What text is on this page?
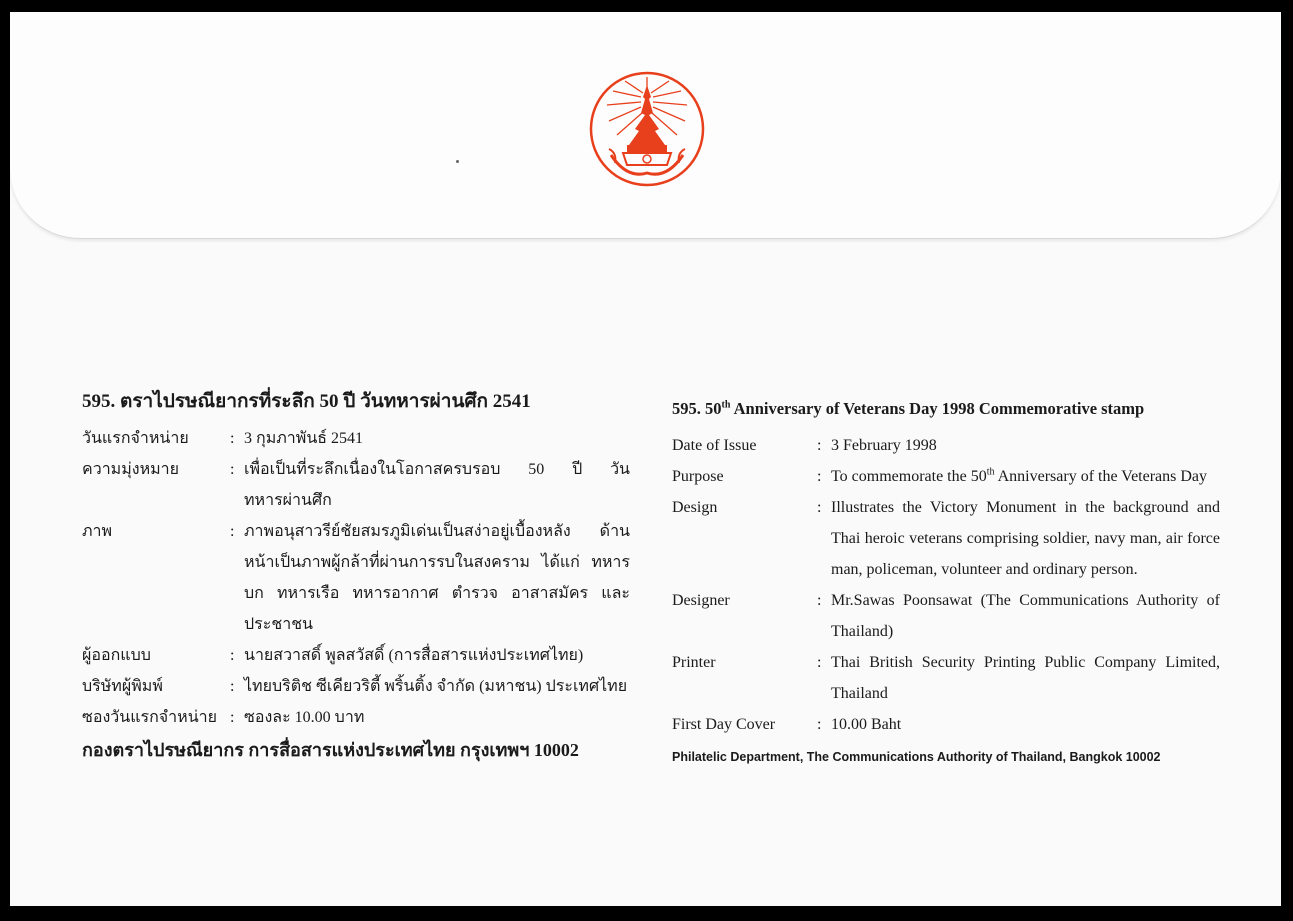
595. ตราไปรษณียากรที่ระลึก 50 ปี วันทหารผ่านศึก 2541
วันแรกจำหน่าย	: 3 กุมภาพันธ์ 2541
ความมุ่งหมาย	: เพื่อเป็นที่ระลึกเนื่องในโอกาสครบรอบ 50 ปี วันทหารผ่านศึก
ภาพ	: ภาพอนุสาวรีย์ชัยสมรภูมิเด่นเป็นสง่าอยู่เบื้องหลัง ด้านหน้าเป็นภาพผู้กล้าที่ผ่านการรบในสงคราม ได้แก่ ทหารบก ทหารเรือ ทหารอากาศ ตำรวจ อาสาสมัคร และประชาชน
ผู้ออกแบบ	: นายสวาสดิ์ พูลสวัสดิ์ (การสื่อสารแห่งประเทศไทย)
บริษัทผู้พิมพ์	: ไทยบริติช ซีเคียวริตี้ พริ้นติ้ง จำกัด (มหาชน) ประเทศไทย
ซองวันแรกจำหน่าย : ซองละ 10.00 บาท
กองตราไปรษณียากร การสื่อสารแห่งประเทศไทย กรุงเทพฯ 10002
595. 50th Anniversary of Veterans Day 1998 Commemorative stamp
Date of Issue	: 3 February 1998
Purpose	: To commemorate the 50th Anniversary of the Veterans Day
Design	: Illustrates the Victory Monument in the background and Thai heroic veterans comprising soldier, navy man, air force man, policeman, volunteer and ordinary person.
Designer	: Mr.Sawas Poonsawat (The Communications Authority of Thailand)
Printer	: Thai British Security Printing Public Company Limited, Thailand
First Day Cover	: 10.00 Baht
Philatelic Department, The Communications Authority of Thailand, Bangkok 10002
